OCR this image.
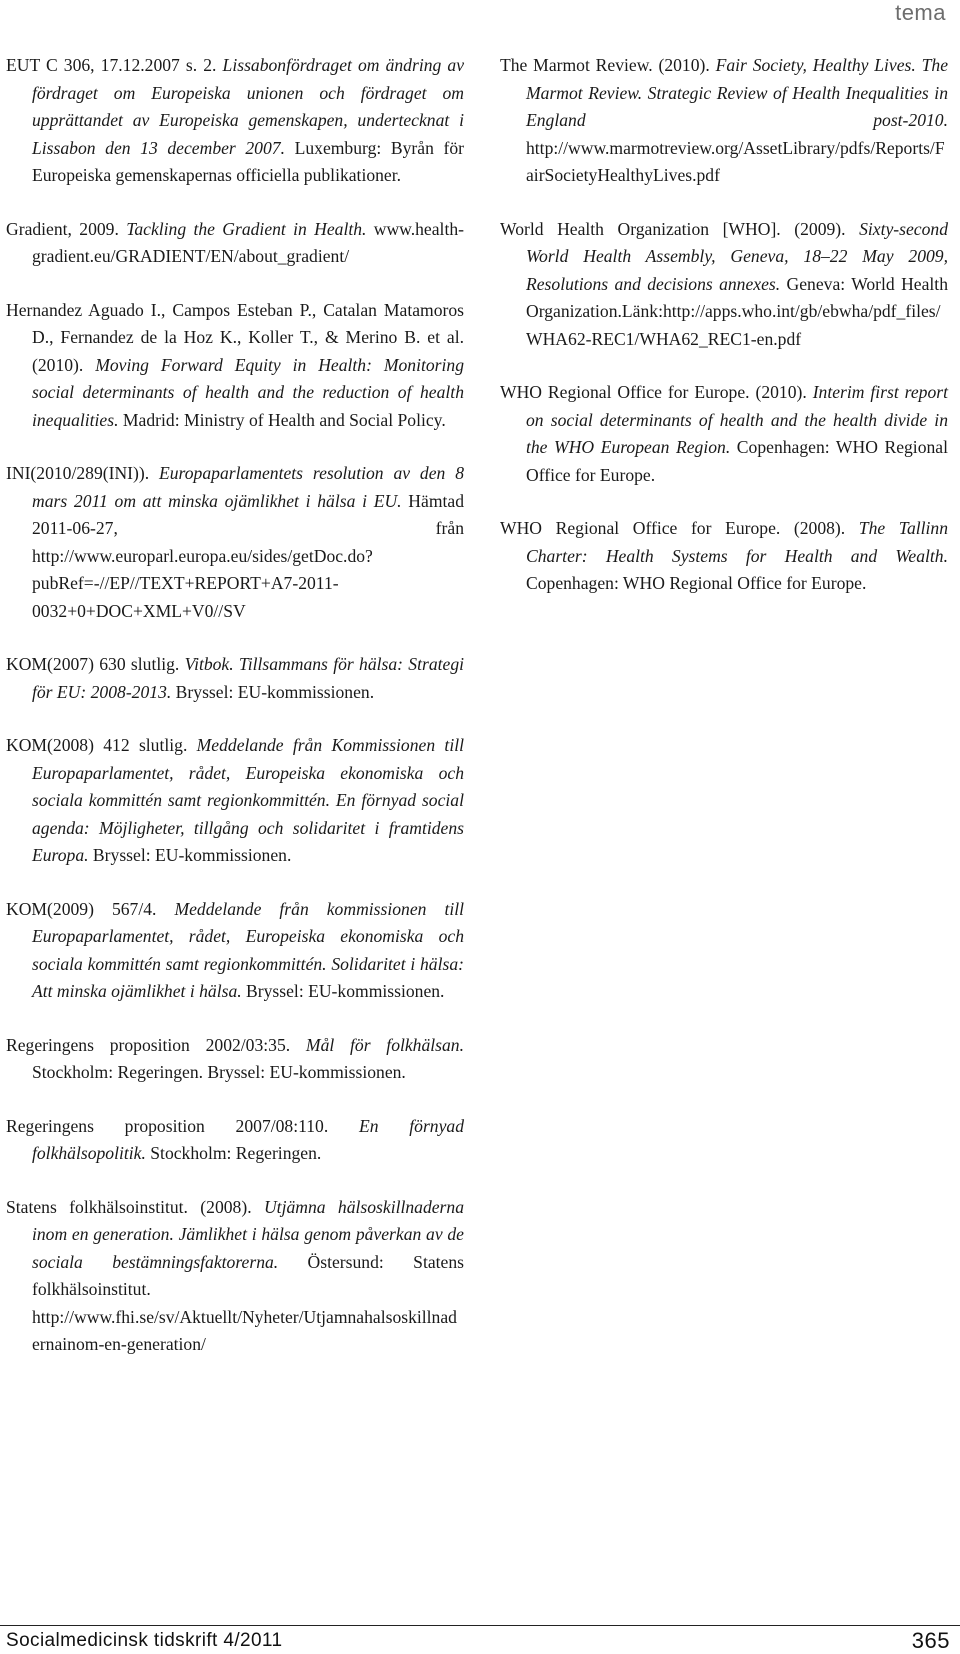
tema

EUT C 306, 17.12.2007 s. 2. Lissabonfördraget om ändring av fördraget om Europeiska unionen och fördraget om upprättandet av Europeiska gemenskapen, undertecknat i Lissabon den 13 december 2007. Luxemburg: Byrån för Europeiska gemenskapernas officiella publikationer.

Gradient, 2009. Tackling the Gradient in Health. www.health-gradient.eu/GRADIENT/EN/about_gradient/

Hernandez Aguado I., Campos Esteban P., Catalan Matamoros D., Fernandez de la Hoz K., Koller T., & Merino B. et al. (2010). Moving Forward Equity in Health: Monitoring social determinants of health and the reduction of health inequalities. Madrid: Ministry of Health and Social Policy.

INI(2010/289(INI)). Europaparlamentets resolution av den 8 mars 2011 om att minska ojämlikhet i hälsa i EU. Hämtad 2011-06-27, från http://www.europarl.europa.eu/sides/getDoc.do?pubRef=-//EP//TEXT+REPORT+A7-2011-0032+0+DOC+XML+V0//SV

KOM(2007) 630 slutlig. Vitbok. Tillsammans för hälsa: Strategi för EU: 2008-2013. Bryssel: EU-kommissionen.

KOM(2008) 412 slutlig. Meddelande från Kommissionen till Europaparlamentet, rådet, Europeiska ekonomiska och sociala kommittén samt regionkommittén. En förnyad social agenda: Möjligheter, tillgång och solidaritet i framtidens Europa. Bryssel: EU-kommissionen.

KOM(2009) 567/4. Meddelande från kommissionen till Europaparlamentet, rådet, Europeiska ekonomiska och sociala kommittén samt regionkommittén. Solidaritet i hälsa: Att minska ojämlikhet i hälsa. Bryssel: EU-kommissionen.

Regeringens proposition 2002/03:35. Mål för folkhälsan. Stockholm: Regeringen. Bryssel: EU-kommissionen.

Regeringens proposition 2007/08:110. En förnyad folkhälsopolitik. Stockholm: Regeringen.

Statens folkhälsoinstitut. (2008). Utjämna hälsoskillnaderna inom en generation. Jämlikhet i hälsa genom påverkan av de sociala bestämningsfaktorerna. Östersund: Statens folkhälsoinstitut. http://www.fhi.se/sv/Aktuellt/Nyheter/Utjamnahalsoskillnadernainom-en-generation/

The Marmot Review. (2010). Fair Society, Healthy Lives. The Marmot Review. Strategic Review of Health Inequalities in England post-2010. http://www.marmotreview.org/AssetLibrary/pdfs/Reports/FairSocietyHealthyLives.pdf

World Health Organization [WHO]. (2009). Sixty-second World Health Assembly, Geneva, 18–22 May 2009, Resolutions and decisions annexes. Geneva: World Health Organization.Länk:http://apps.who.int/gb/ebwha/pdf_files/WHA62-REC1/WHA62_REC1-en.pdf

WHO Regional Office for Europe. (2010). Interim first report on social determinants of health and the health divide in the WHO European Region. Copenhagen: WHO Regional Office for Europe.

WHO Regional Office for Europe. (2008). The Tallinn Charter: Health Systems for Health and Wealth. Copenhagen: WHO Regional Office for Europe.

Socialmedicinsk tidskrift 4/2011	365
